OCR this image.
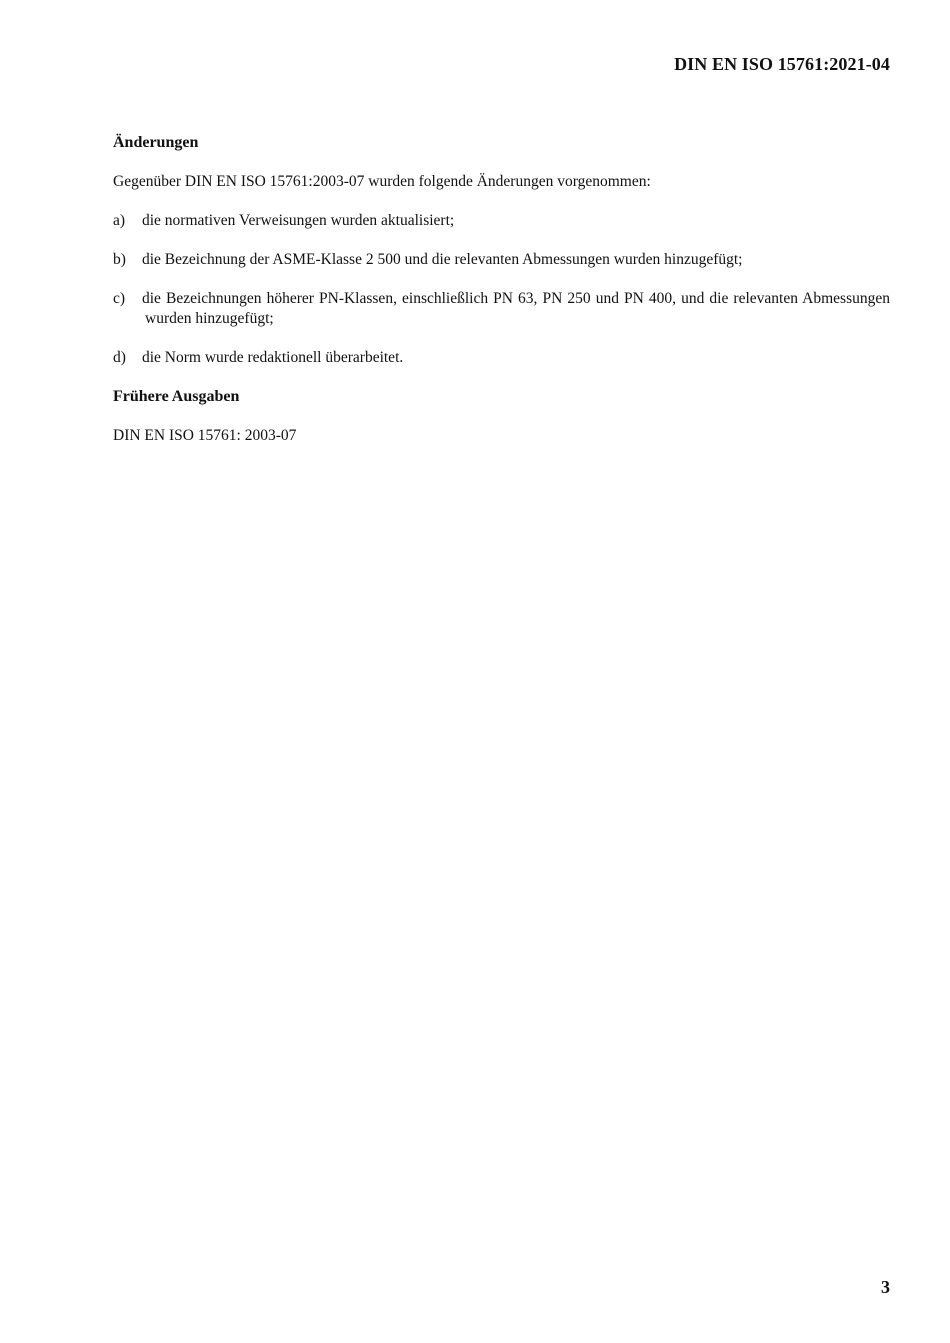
DIN EN ISO 15761:2021-04
Änderungen

Gegenüber DIN EN ISO 15761:2003-07 wurden folgende Änderungen vorgenommen:

a) die normativen Verweisungen wurden aktualisiert;
b) die Bezeichnung der ASME-Klasse 2 500 und die relevanten Abmessungen wurden hinzugefügt;
c) die Bezeichnungen höherer PN-Klassen, einschließlich PN 63, PN 250 und PN 400, und die relevanten Abmessungen wurden hinzugefügt;
d) die Norm wurde redaktionell überarbeitet.
Frühere Ausgaben

DIN EN ISO 15761: 2003-07

3
